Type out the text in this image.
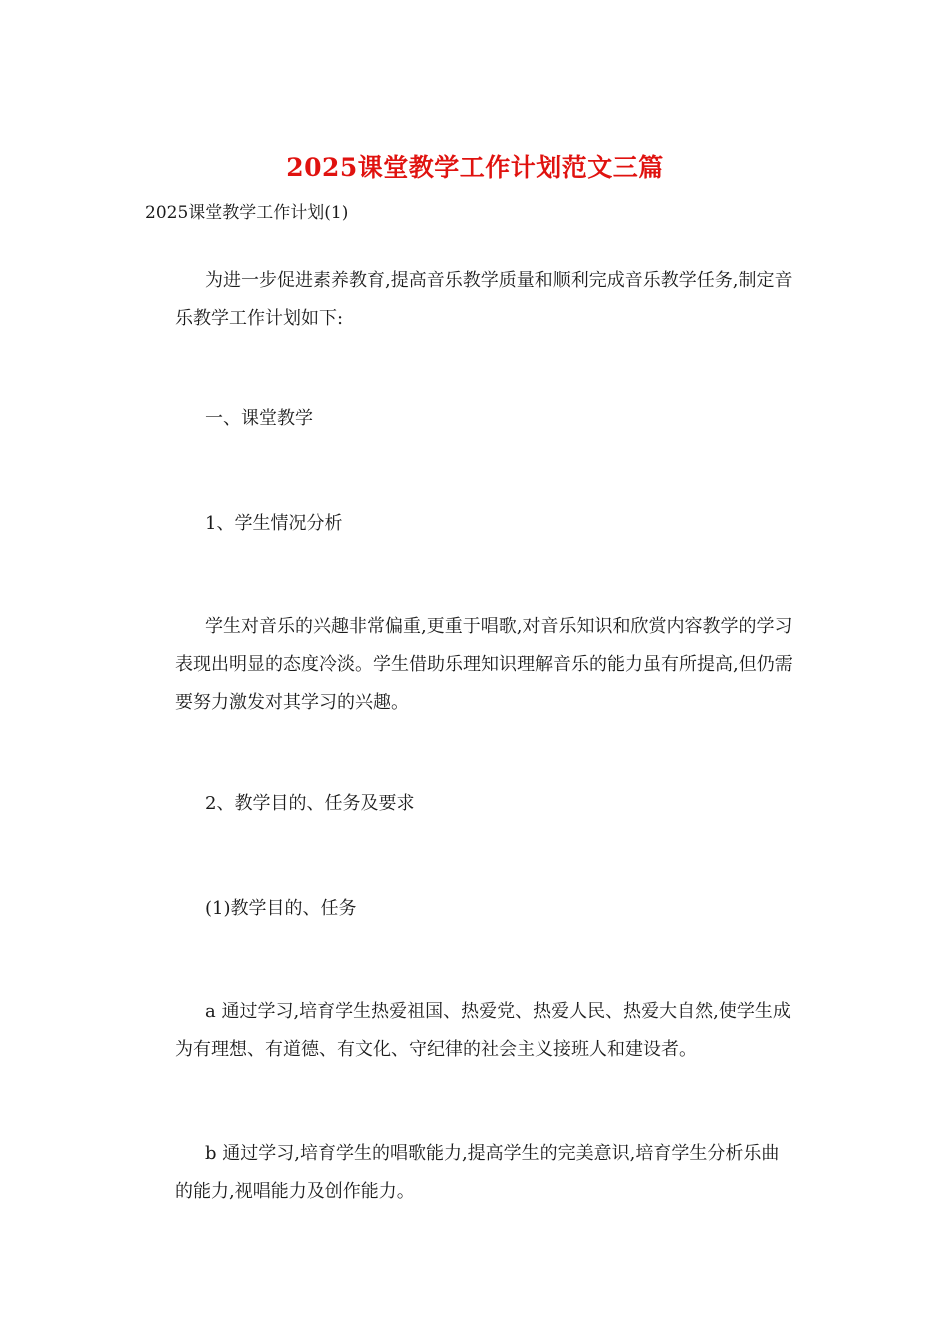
2025课堂教学工作计划范文三篇
2025课堂教学工作计划(1)
为进一步促进素养教育,提高音乐教学质量和顺利完成音乐教学任务,制定音
乐教学工作计划如下:
一、课堂教学
1、学生情况分析
学生对音乐的兴趣非常偏重,更重于唱歌,对音乐知识和欣赏内容教学的学习
表现出明显的态度冷淡。学生借助乐理知识理解音乐的能力虽有所提高,但仍需
要努力激发对其学习的兴趣。
2、教学目的、任务及要求
(1)教学目的、任务
a 通过学习,培育学生热爱祖国、热爱党、热爱人民、热爱大自然,使学生成
为有理想、有道德、有文化、守纪律的社会主义接班人和建设者。
b 通过学习,培育学生的唱歌能力,提高学生的完美意识,培育学生分析乐曲
的能力,视唱能力及创作能力。
